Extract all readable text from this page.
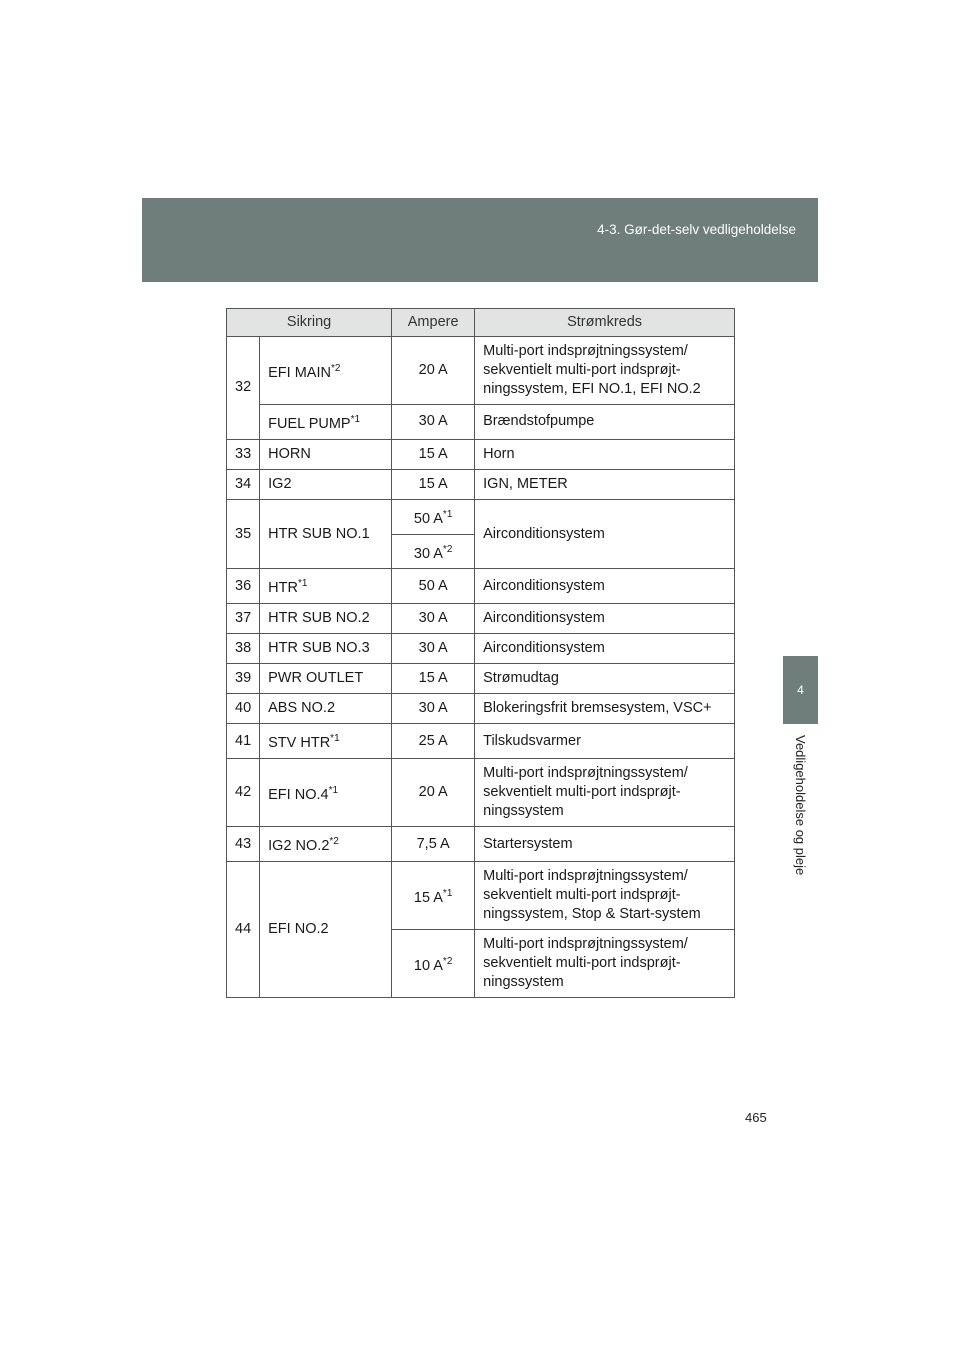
4-3. Gør-det-selv vedligeholdelse
4
Vedligeholdelse og pleje
Sikring		Ampere	Strømkreds
32	EFI MAIN$^{*2}$	20 A	Multi-port indsprøjtningssystem/ sekventielt multi-port indsprøjt- ningssystem, EFI NO.1, EFI NO.2
	FUEL PUMP$^{*1}$	30 A	Brændstofpumpe
33	HORN	15 A	Horn
34	IG2	15 A	IGN, METER
35	HTR SUB NO.1	50 $A^{*1}$	Airconditionsystem
		30 $A^{*2}$
36	HTR$^{*1}$	50 A	Airconditionsystem
37	HTR SUB NO.2	30 A	Airconditionsystem
38	HTR SUB NO.3	30 A	Airconditionsystem
39	PWR OUTLET	15 A	Strømudtag
40	ABS NO.2	30 A	Blokeringsfrit bremsesystem, VSC+
41	STV HTR$^{*1}$	25 A	Tilskudsvarmer
42	EFI NO.4$^{*1}$	20 A	Multi-port indsprøjtningssystem/ sekventielt multi-port indsprøjt- ningssystem
43	IG2 NO.2$^{*2}$	7,5 A	Startersystem
44	EFI NO.2	15 $A^{*1}$	Multi-port indsprøjtningssystem/ sekventielt multi-port indsprøjt- ningssystem, Stop & Start-system
		10 $A^{*2}$	Multi-port indsprøjtningssystem/ sekventielt multi-port indsprøjt- ningssystem
465
